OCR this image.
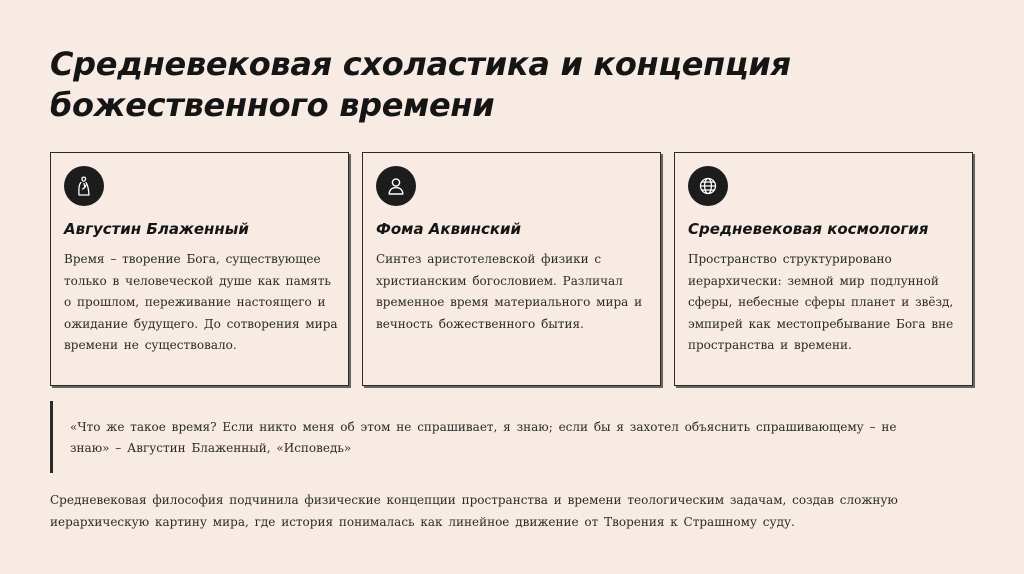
Средневековая схоластика и концепция божественного времени
Августин Блаженный

Время – творение Бога, существующее только в человеческой душе как память о прошлом, переживание настоящего и ожидание будущего. До сотворения мира времени не существовало.

Фома Аквинский

Синтез аристотелевской физики с христианским богословием. Различал временное время материального мира и вечность божественного бытия.

Средневековая космология

Пространство структурировано иерархически: земной мир подлунной сферы, небесные сферы планет и звёзд, эмпирей как местопребывание Бога вне пространства и времени.

«Что же такое время? Если никто меня об этом не спрашивает, я знаю; если бы я захотел объяснить спрашивающему – не знаю» – Августин Блаженный, «Исповедь»

Средневековая философия подчинила физические концепции пространства и времени теологическим задачам, создав сложную иерархическую картину мира, где история понималась как линейное движение от Творения к Страшному суду.
